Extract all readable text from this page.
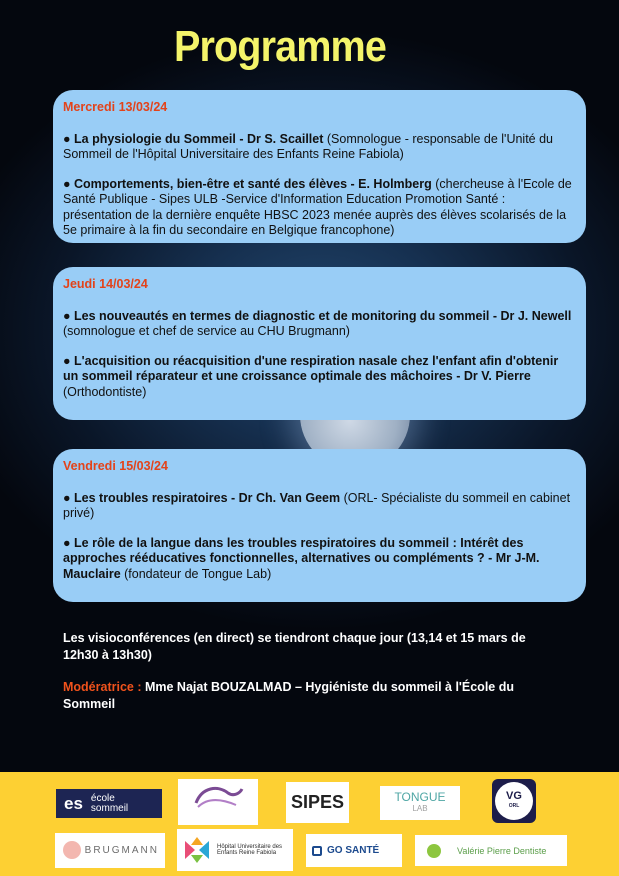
Programme
Mercredi 13/03/24

● La physiologie du Sommeil - Dr S. Scaillet (Somnologue - responsable de l'Unité du Sommeil de l'Hôpital Universitaire des Enfants Reine Fabiola)

● Comportements, bien-être et santé des élèves - E. Holmberg (chercheuse à l'Ecole de Santé Publique - Sipes ULB -Service d'Information Education Promotion Santé : présentation de la dernière enquête HBSC 2023 menée auprès des élèves scolarisés de la 5e primaire à la fin du secondaire en Belgique francophone)

Jeudi 14/03/24

● Les nouveautés en termes de diagnostic et de monitoring du sommeil - Dr J. Newell (somnologue et chef de service au CHU Brugmann)

● L'acquisition ou réacquisition d'une respiration nasale chez l'enfant afin d'obtenir un sommeil réparateur et une croissance optimale des mâchoires - Dr V. Pierre (Orthodontiste)

Vendredi 15/03/24

● Les troubles respiratoires - Dr Ch. Van Geem (ORL- Spécialiste du sommeil en cabinet privé)

● Le rôle de la langue dans les troubles respiratoires du sommeil : Intérêt des approches rééducatives fonctionnelles, alternatives ou compléments ? - Mr J-M. Mauclaire (fondateur de Tongue Lab)

Les visioconférences (en direct) se tiendront chaque jour (13,14 et 15 mars de 12h30 à 13h30)
Modératrice : Mme Najat BOUZALMAD – Hygiéniste du sommeil à l'École du Sommeil
es école
sommeil	SIPES	TONGUE
LAB
VG
ORL
BRUGMANN	Hôpital Universitaire des Enfants Reine Fabiola	GO SANTÉ	Valérie Pierre Dentiste
